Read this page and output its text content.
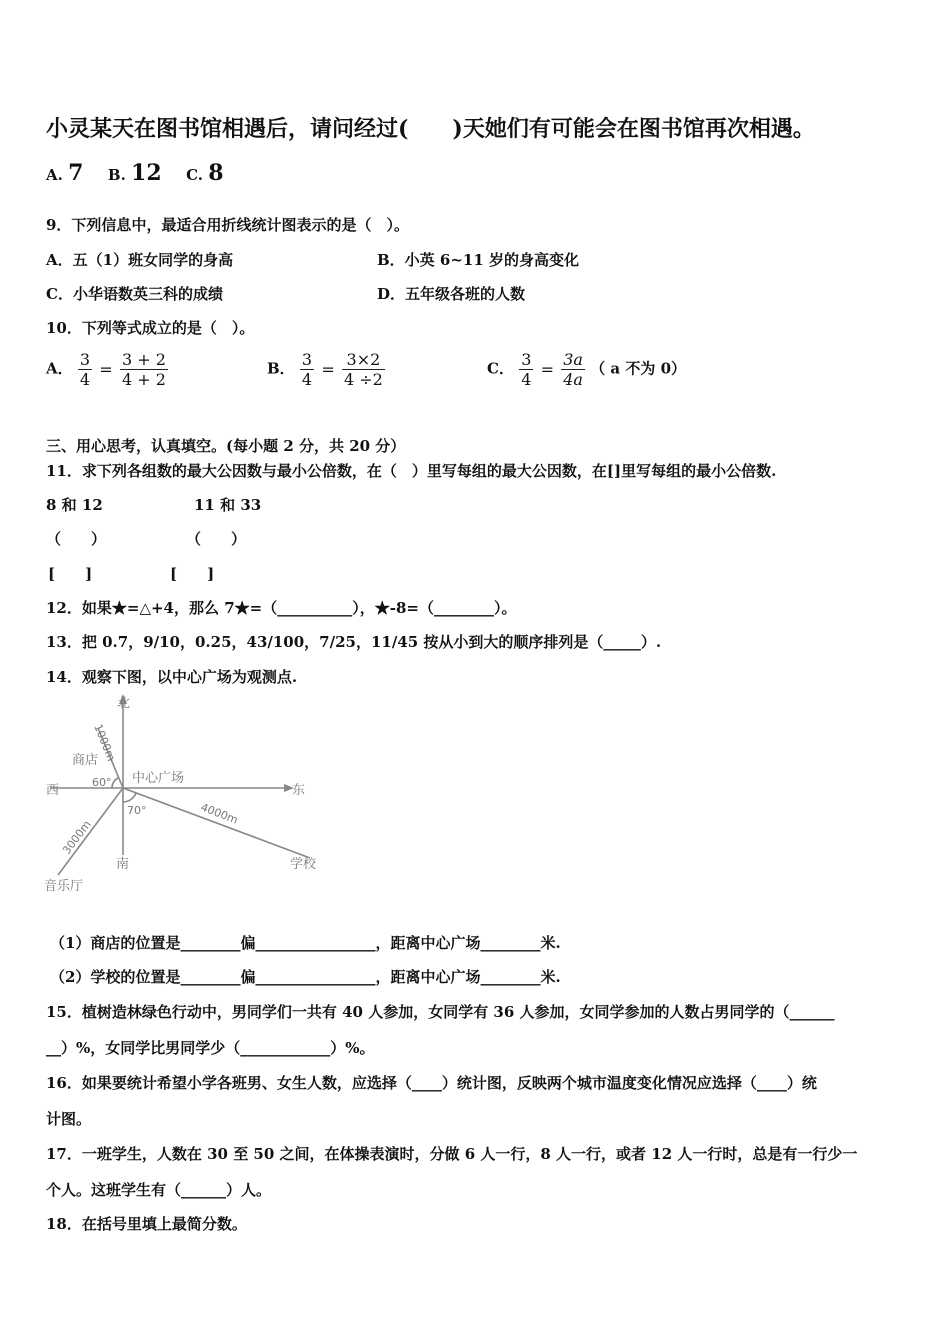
小灵某天在图书馆相遇后，请问经过(　　)天她们有可能会在图书馆再次相遇。
A. 7 B. 12 C. 8
9．下列信息中，最适合用折线统计图表示的是（　）。
A．五（1）班女同学的身高	B．小英 6~11 岁的身高变化
C．小华语数英三科的成绩	D．五年级各班的人数
10．下列等式成立的是（　）。
A． $\frac{3}{4} = \frac{3 + 2}{4 + 2}$	B． $\frac{3}{4} = \frac{3\times 2}{4 \div 2}$	C． $\frac{3}{4} = \frac{3a}{4a}$ （ a 不为 0）
三、用心思考，认真填空。(每小题 2 分，共 20 分）
11．求下列各组数的最大公因数与最小公倍数，在（　）里写每组的最大公因数，在[]里写每组的最小公倍数.
8 和 12	11 和 33
（　　）	（　　）
[　　]	[　　]
12．如果★=△+4，那么 7★=（__________），★-8=（________）。
13．把 0.7，9/10，0.25，43/100，7/25，11/45 按从小到大的顺序排列是（_____）.
14．观察下图，以中心广场为观测点.
北
南
东
西
中心广场
商店
学校
音乐厅
1000m
4000m
3000m
60°
70°
（1）商店的位置是________偏________________，距离中心广场________米.
（2）学校的位置是________偏________________，距离中心广场________米.
15．植树造林绿色行动中，男同学们一共有 40 人参加，女同学有 36 人参加，女同学参加的人数占男同学的（______
__）%，女同学比男同学少（____________）%。
16．如果要统计希望小学各班男、女生人数，应选择（____）统计图，反映两个城市温度变化情况应选择（____）统
计图。
17．一班学生，人数在 30 至 50 之间，在体操表演时，分做 6 人一行，8 人一行，或者 12 人一行时，总是有一行少一
个人。这班学生有（______）人。
18．在括号里填上最简分数。
